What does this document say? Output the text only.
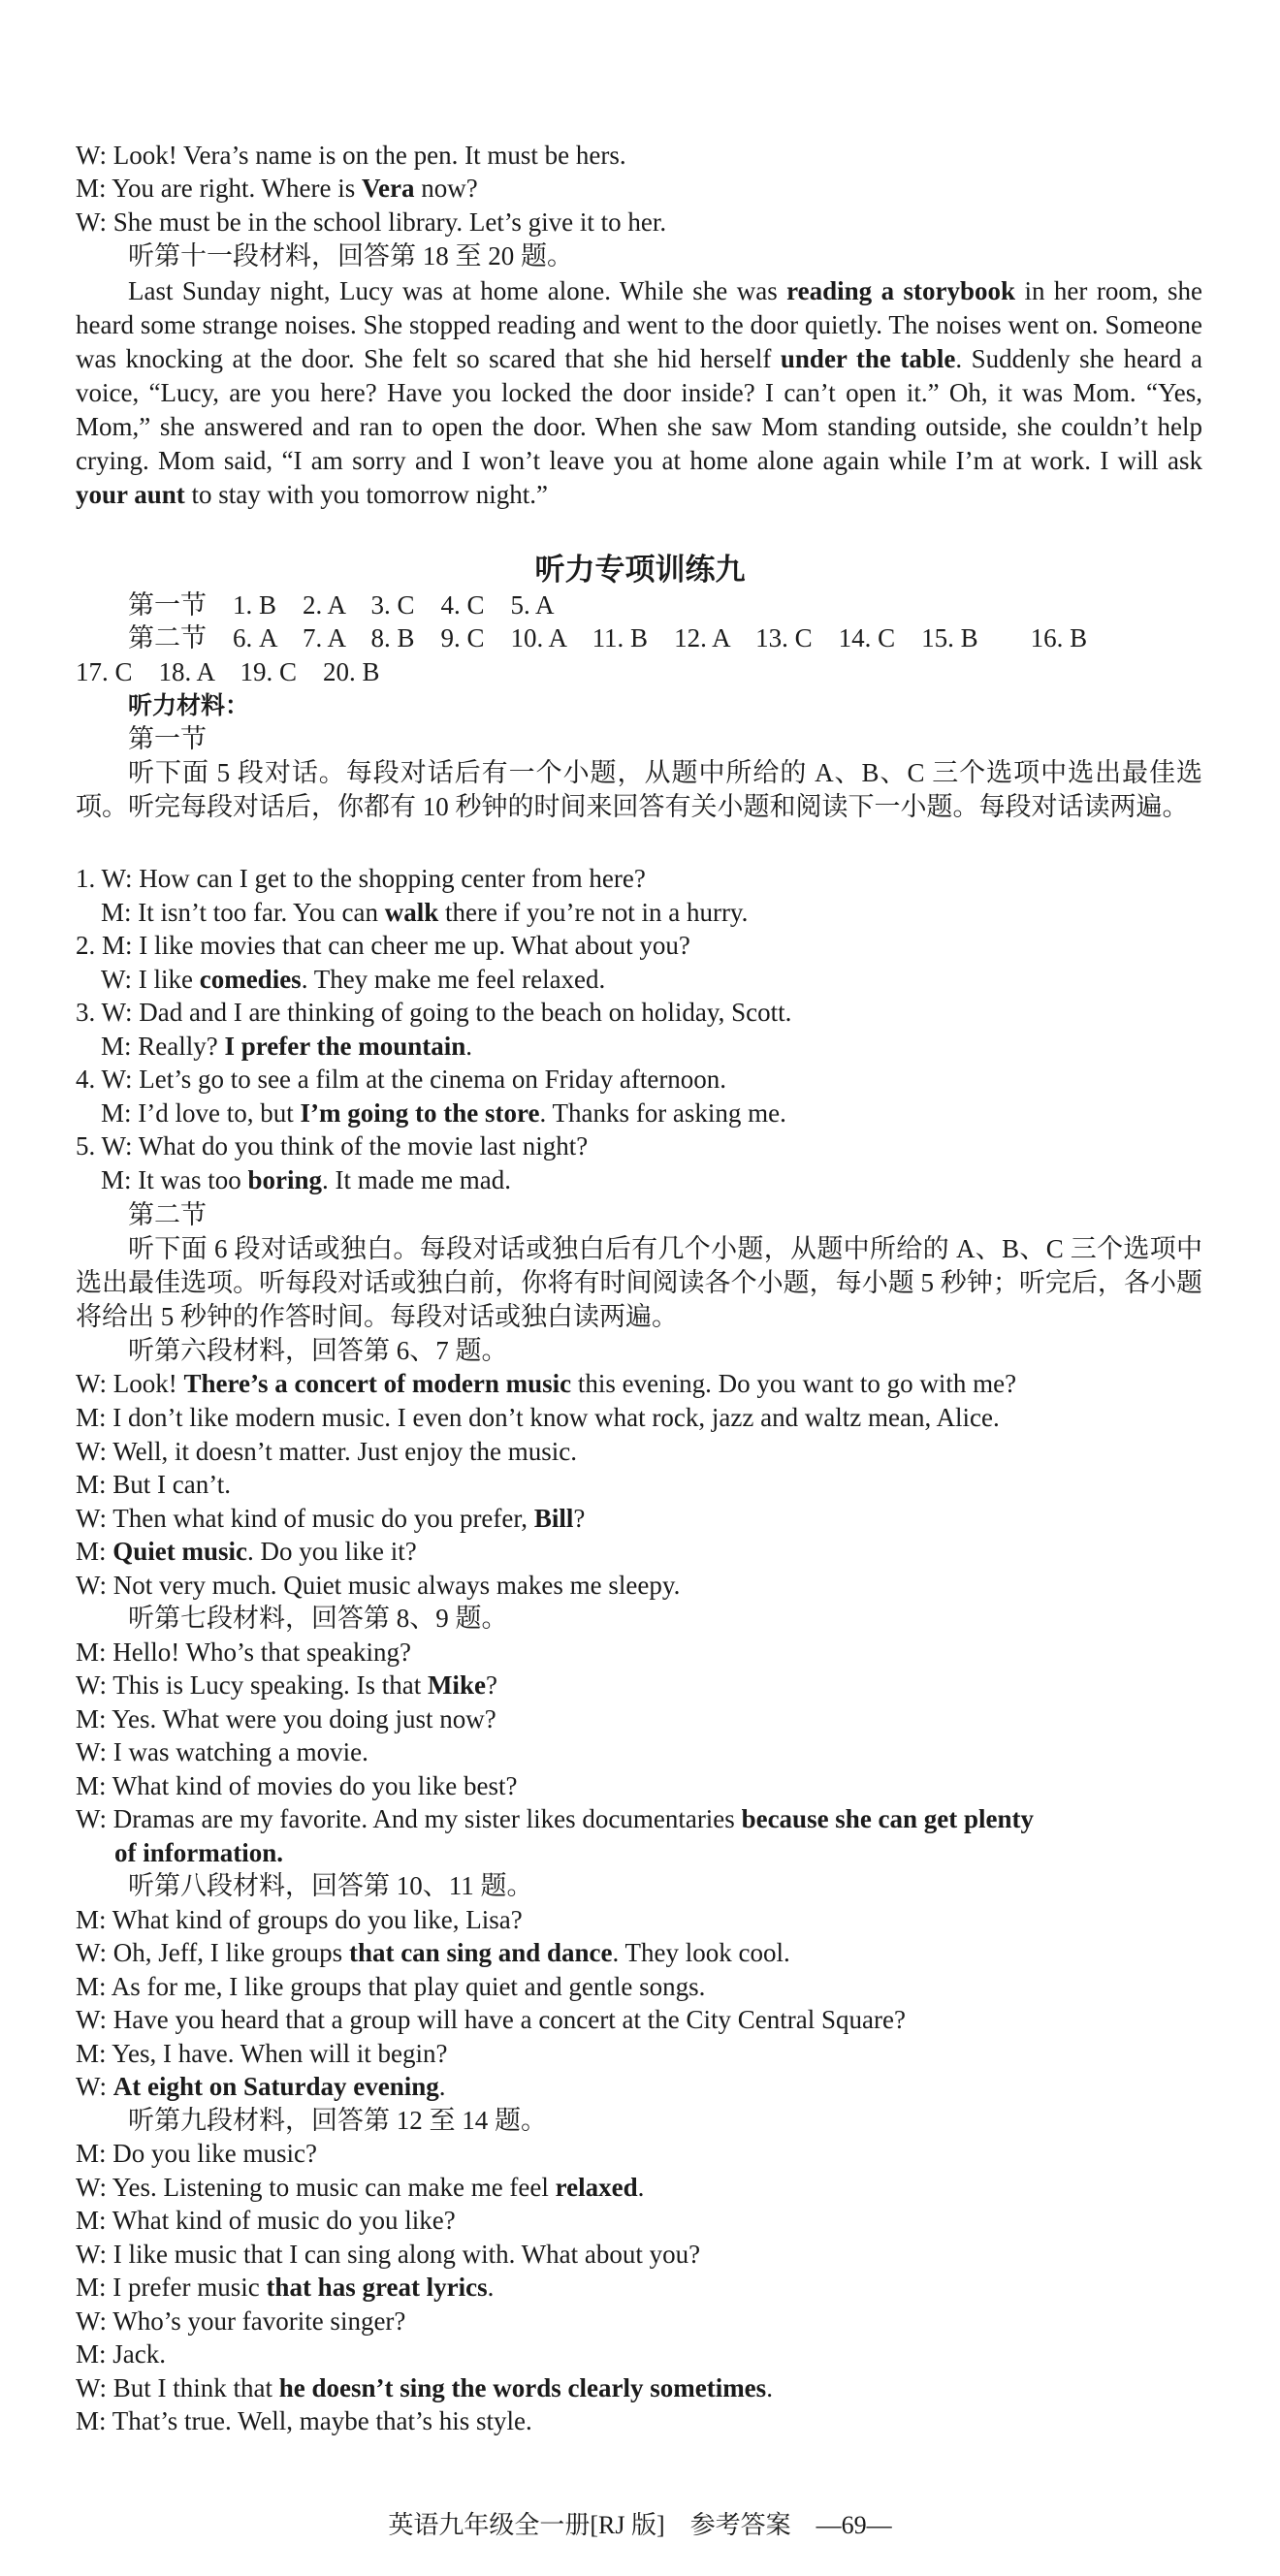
W: Look! Vera’s name is on the pen. It must be hers.
M: You are right. Where is Vera now?
W: She must be in the school library. Let’s give it to her.
听第十一段材料，回答第 18 至 20 题。
Last Sunday night, Lucy was at home alone. While she was reading a storybook in her room, she heard some strange noises. She stopped reading and went to the door quietly. The noises went on. Someone was knocking at the door. She felt so scared that she hid herself under the table. Suddenly she heard a voice, “Lucy, are you here? Have you locked the door inside? I can’t open it.” Oh, it was Mom. “Yes, Mom,” she answered and ran to open the door. When she saw Mom standing outside, she couldn’t help crying. Mom said, “I am sorry and I won’t leave you at home alone again while I’m at work. I will ask your aunt to stay with you tomorrow night.”
听力专项训练九
第一节　1. B　2. A　3. C　4. C　5. A
第二节　6. A　7. A　8. B　9. C　10. A　11. B　12. A　13. C　14. C　15. B　　16. B
17. C　18. A　19. C　20. B
听力材料：
第一节
听下面 5 段对话。每段对话后有一个小题，从题中所给的 A、B、C 三个选项中选出最佳选项。听完每段对话后，你都有 10 秒钟的时间来回答有关小题和阅读下一小题。每段对话读两遍。
1. W: How can I get to the shopping center from here?
M: It isn’t too far. You can walk there if you’re not in a hurry.
2. M: I like movies that can cheer me up. What about you?
W: I like comedies. They make me feel relaxed.
3. W: Dad and I are thinking of going to the beach on holiday, Scott.
M: Really? I prefer the mountain.
4. W: Let’s go to see a film at the cinema on Friday afternoon.
M: I’d love to, but I’m going to the store. Thanks for asking me.
5. W: What do you think of the movie last night?
M: It was too boring. It made me mad.
第二节
听下面 6 段对话或独白。每段对话或独白后有几个小题，从题中所给的 A、B、C 三个选项中选出最佳选项。听每段对话或独白前，你将有时间阅读各个小题，每小题 5 秒钟；听完后，各小题将给出 5 秒钟的作答时间。每段对话或独白读两遍。
听第六段材料，回答第 6、7 题。
W: Look! There’s a concert of modern music this evening. Do you want to go with me?
M: I don’t like modern music. I even don’t know what rock, jazz and waltz mean, Alice.
W: Well, it doesn’t matter. Just enjoy the music.
M: But I can’t.
W: Then what kind of music do you prefer, Bill?
M: Quiet music. Do you like it?
W: Not very much. Quiet music always makes me sleepy.
听第七段材料，回答第 8、9 题。
M: Hello! Who’s that speaking?
W: This is Lucy speaking. Is that Mike?
M: Yes. What were you doing just now?
W: I was watching a movie.
M: What kind of movies do you like best?
W: Dramas are my favorite. And my sister likes documentaries because she can get plenty
of information.
听第八段材料，回答第 10、11 题。
M: What kind of groups do you like, Lisa?
W: Oh, Jeff, I like groups that can sing and dance. They look cool.
M: As for me, I like groups that play quiet and gentle songs.
W: Have you heard that a group will have a concert at the City Central Square?
M: Yes, I have. When will it begin?
W: At eight on Saturday evening.
听第九段材料，回答第 12 至 14 题。
M: Do you like music?
W: Yes. Listening to music can make me feel relaxed.
M: What kind of music do you like?
W: I like music that I can sing along with. What about you?
M: I prefer music that has great lyrics.
W: Who’s your favorite singer?
M: Jack.
W: But I think that he doesn’t sing the words clearly sometimes.
M: That’s true. Well, maybe that’s his style.
英语九年级全一册[RJ 版]　参考答案　—69—
